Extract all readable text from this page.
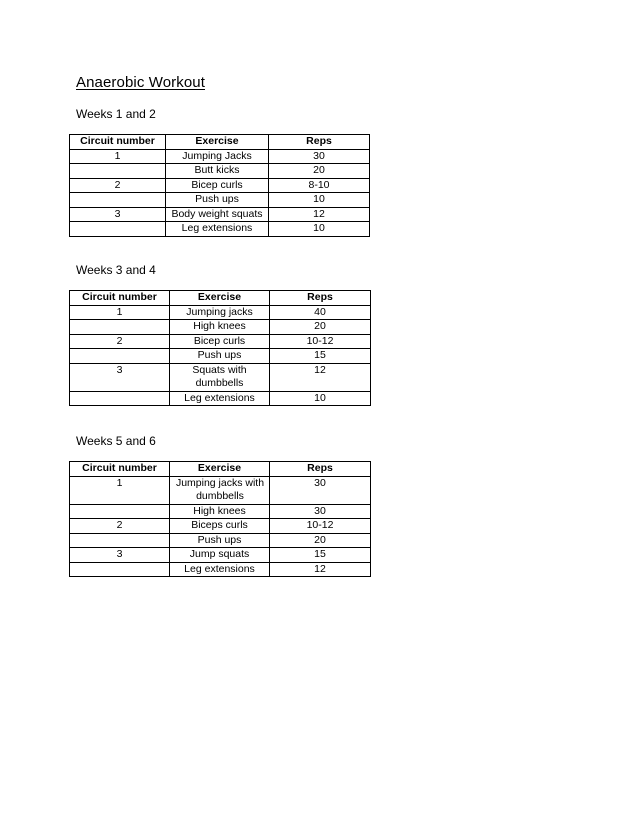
Anaerobic Workout
Weeks 1 and 2
Circuit number	Exercise	Reps
1	Jumping Jacks	30
	Butt kicks	20
2	Bicep curls	8-10
	Push ups	10
3	Body weight squats	12
	Leg extensions	10
Weeks 3 and 4
Circuit number	Exercise	Reps
1	Jumping jacks	40
	High knees	20
2	Bicep curls	10-12
	Push ups	15
3	Squats with dumbbells	12
	Leg extensions	10
Weeks 5 and 6
Circuit number	Exercise	Reps
1	Jumping jacks with dumbbells	30
	High knees	30
2	Biceps curls	10-12
	Push ups	20
3	Jump squats	15
	Leg extensions	12
